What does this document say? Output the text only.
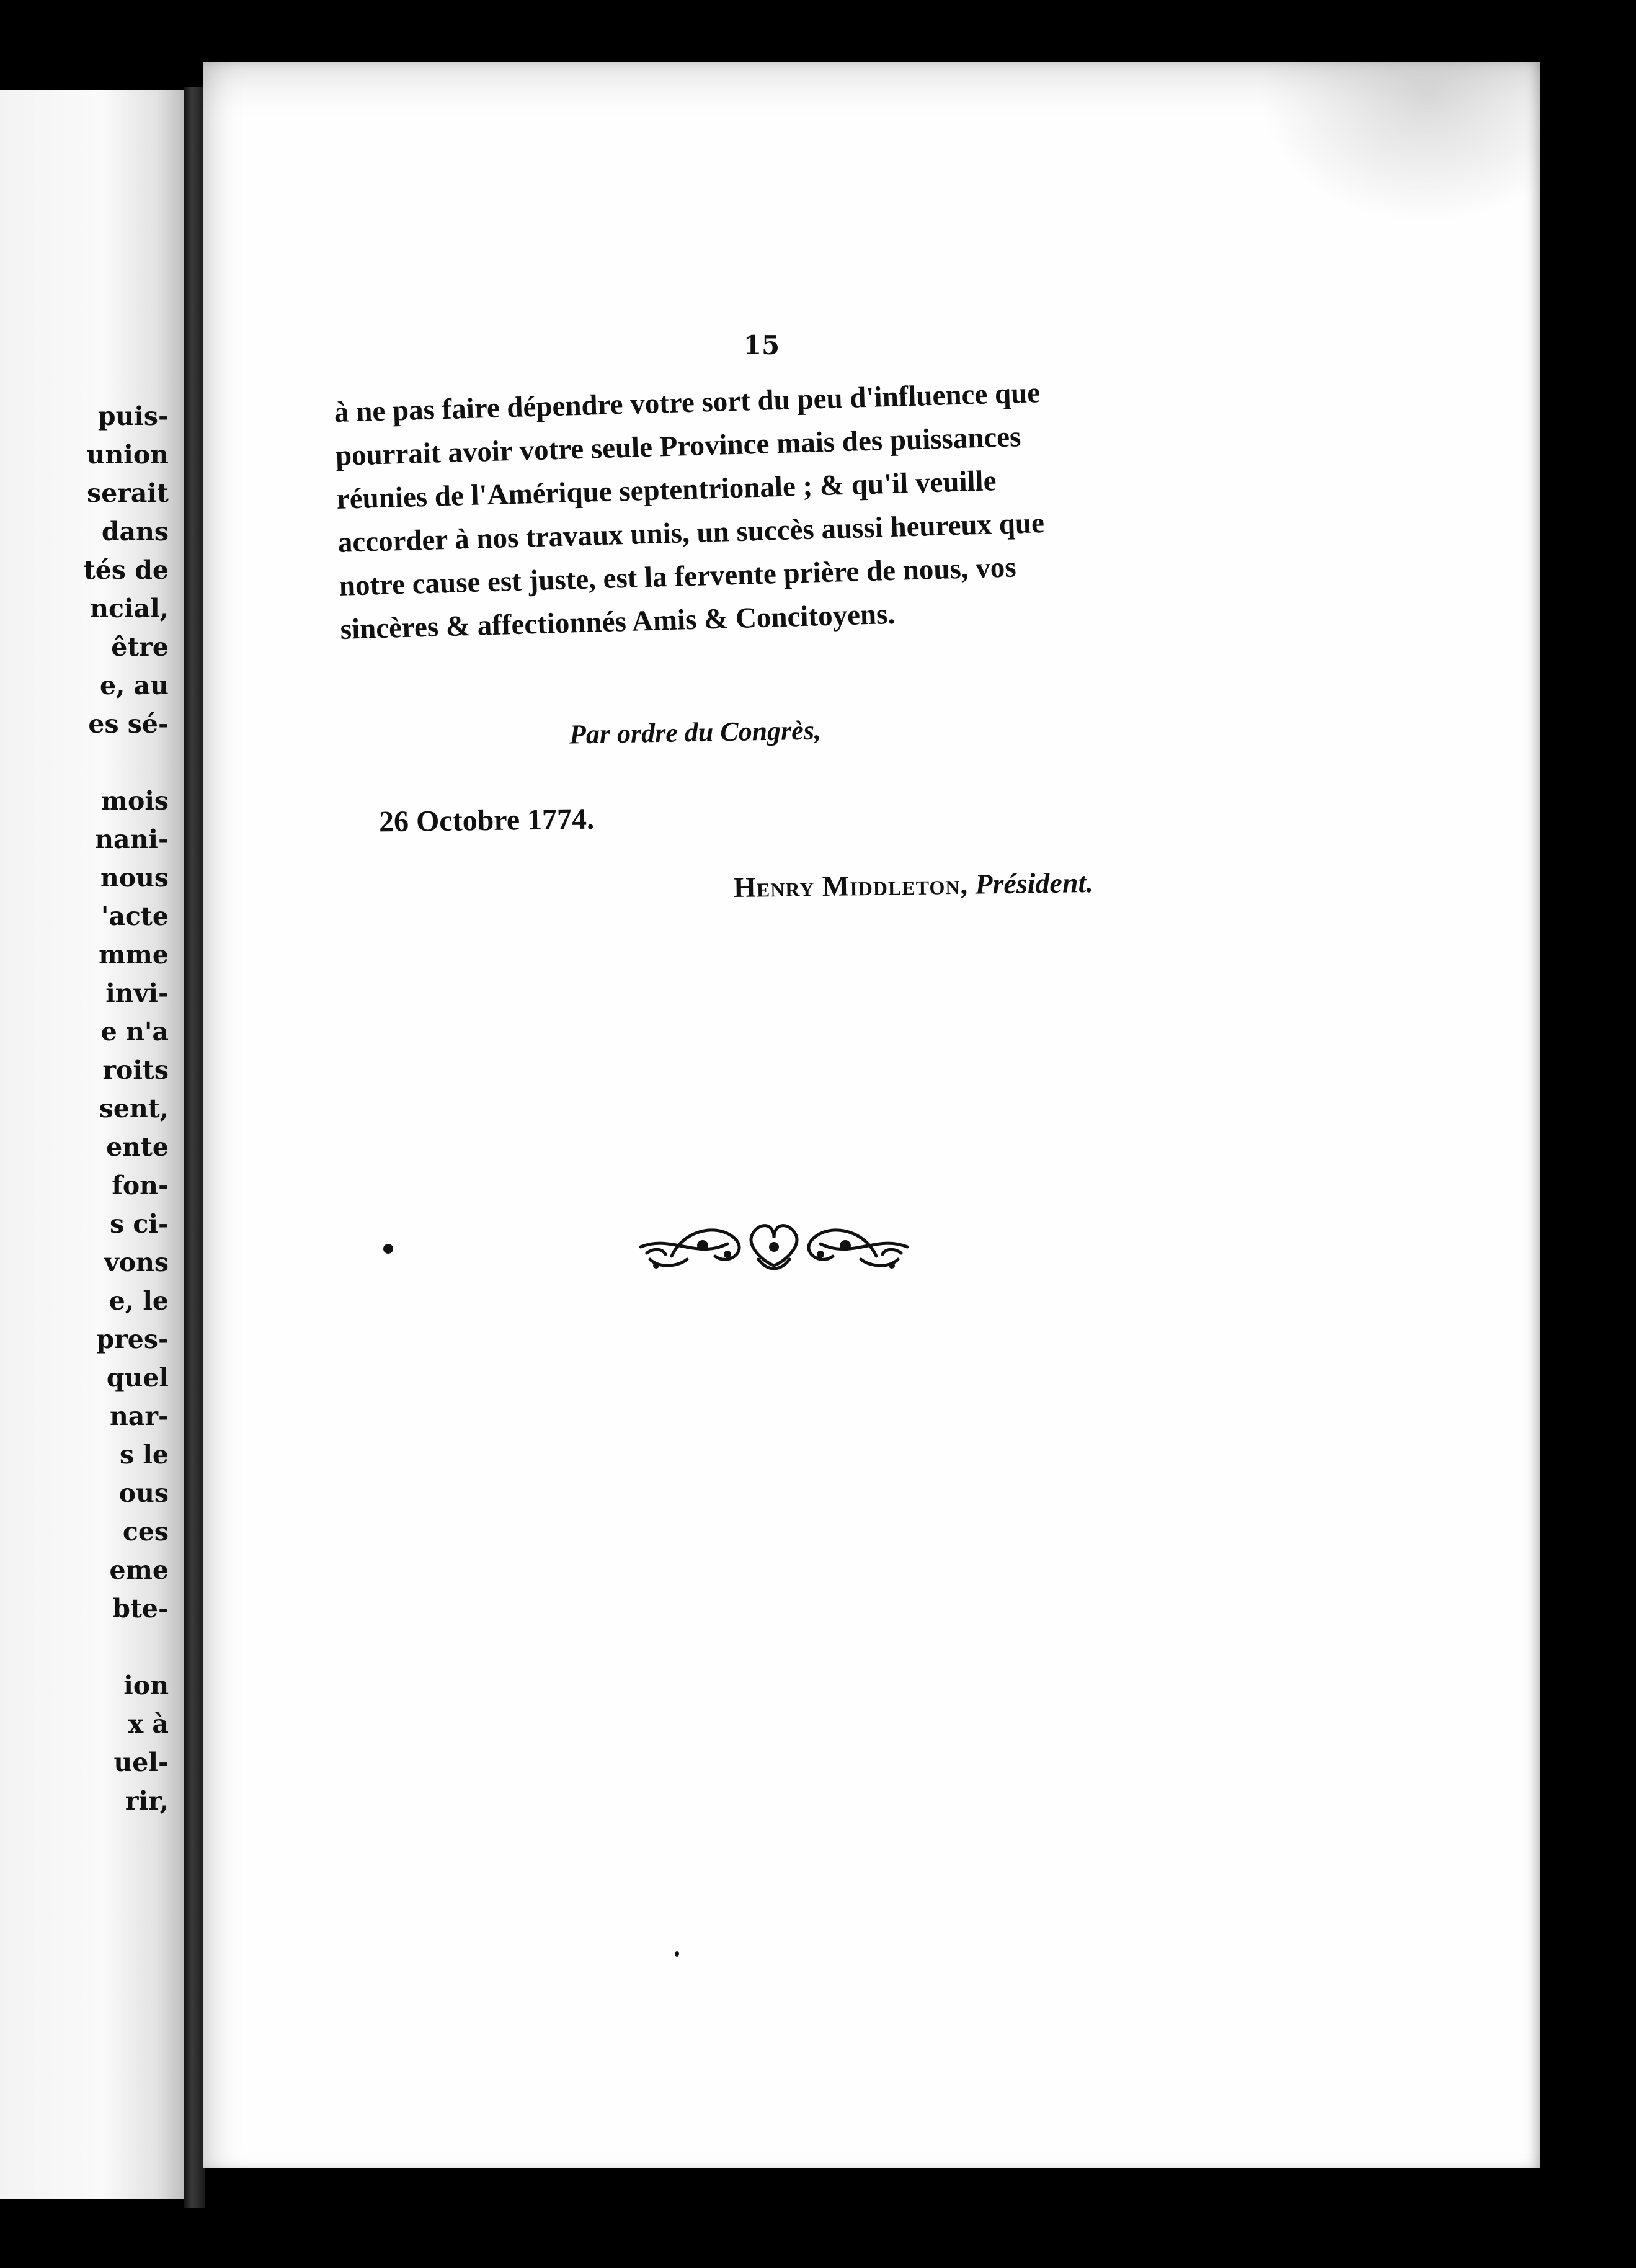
puis-
union
serait
dans
tés de
ncial,
être
e, au
es sé-

mois
nani-
nous
'acte
mme
invi-
e n'a
roits
sent,
ente
fon-
s ci-
vons
e, le
pres-
quel
nar-
s le
ous
ces
eme
bte-

ion
x à
uel-
rir,
15
à ne pas faire dépendre votre sort du peu d'influence que
pourrait avoir votre seule Province mais des puissances
réunies de l'Amérique septentrionale ; & qu'il veuille
accorder à nos travaux unis, un succès aussi heureux que
notre cause est juste, est la fervente prière de nous, vos
sincères & affectionnés Amis & Concitoyens.
Par ordre du Congrès,
26 Octobre 1774.
Henry Middleton, Président.
